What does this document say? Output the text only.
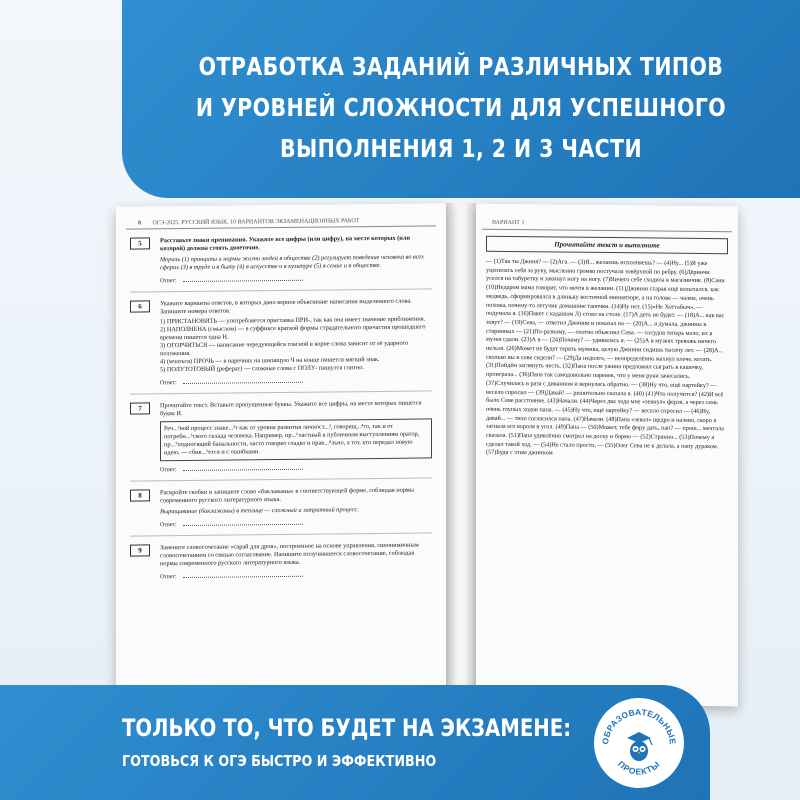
ОТРАБОТКА ЗАДАНИЙ РАЗЛИЧНЫХ ТИПОВ
И УРОВНЕЙ СЛОЖНОСТИ ДЛЯ УСПЕШНОГО
ВЫПОЛНЕНИЯ 1, 2 И 3 ЧАСТИ
8 ОГЭ-2025. РУССКИЙ ЯЗЫК. 10 ВАРИАНТОВ ЭКЗАМЕНАЦИОННЫХ РАБОТ
5	Расставьте знаки препинания. Укажите все цифры (или цифру), на месте которых (или которой) должна стоять двоеточие.
Мораль (1) принципы и нормы жизни людей в обществе (2) регулирует поведение человека во всех сферах (3) в труде и в быту (4) в искусстве и в культуре (5) в семье и в обществе.
Ответ:
6	Укажите варианты ответов, в которых дано верное объяснение написания выделенного слова. Запишите номера ответов.
1) ПРИСТАНОВИТЬ — употребляется приставка ПРИ-, так как она имеет значение приближения.
2) НАПОЛНЕНА (смыслом) — в суффиксе краткой формы страдательного причастия прошедшего времени пишется одна Н.
3) ОГОРЧИТЬСЯ — написание чередующейся гласной в корне слова зависит от её ударного положения.
4) (мчаться) ПРОЧЬ — в наречиях на шипящую Ч на конце пишется мягкий знак.
5) ПОЛУТОТОВЫЙ (реферат) — сложные слова с ПОЛУ- пишутся слитно.
Ответ:
7	Прочитайте текст. Вставьте пропущенные буквы. Укажите все цифры, на месте которых пишется буква И.
Реч...¹вой процесс знаке...²т как от уровня развития личност...³, говорящ...⁴го, так и от потребн...⁵ского склада человека. Например, пр...⁶ластный к публичным выступлениям оратор, пр...⁷подносящий банальности, часто говорит гладко и прав...⁸льно, а тот, кто передал новую идею, — сбив...⁹ется и с ошибками.
Ответ:
8	Раскройте скобки и запишите слово «баклажаны» в соответствующей форме, соблюдая нормы современного русского литературного языка.
Выращивание (баклажаны) в теплице — сложный и затратный процесс.
Ответ:
9	Замените словосочетание «сарай для дров», построенное на основе управления, синонимичным словосочетанием со связью согласование. Напишите получившееся словосочетание, соблюдая нормы современного русского литературного языка.
Ответ:
ВАРИАНТ 1
Прочитайте текст и выполните
— (1)Так ты Джиня? — (2)Ага. — (3)Я... желаешь исполняешь? — (4)Ну... (5)Я уже уцепилась себя за руку, мысленно громко постучала зовёрхной по ребру. (6)Дёринчи уселся на табуретку и закинул ногу на ногу. (7)Ничего себе сходила в магазинчик. (8)Сани (10)Недаром мама говорит, что мечта в желании. (11)Джинни старая ещё колыхался, как медведь, сформировался в длиньку восточной миниатюре, а на голове — чалма, очень похожа, почему-то летучие домашние тапочки. (14)Ну нет. (15)«Не Хоттабыч», — подумала я. (16)Пакет с кадашом Л) стоял на столе. (17)А деть не будет. — (18)А... как вас зовут? — (19)Сева, — ответил Джинни и показал на — (20)А... я думала, джинны в старинных — (21)По-разному, — охотно объяснил Сева. — сосудов теперь мало, их в музеи сдали. (23)А в — (24)Почему? — удивилась я. — (25)А в музеях тревожь ничего нельзя. (26)Может не будет терять мужика, целую Джинни сидишь тысячу лет. — (28)А... сколько вы в сове сидели? — (29)Да недолго, — неопределённо махнул плече, кетать. (31)Пойдём заглянуть честь. (32)Папа после ужина предложил сыграть в кашечку, проиграла... (36)Папа так самодовольно паренек, что у меня руки зачесались. (37)Случилась в раза с диванном и вернулась обратно. — (38)Ну что, ещё партейку? — весело спросил — (39)Давай! — решительно сказала я. (40) (41)Что получится? (42)И всё было Севе расстояние. (43)Начали. (44)Через два хода мне «зевнул» ферзя, а через семь очень глупых ходов папа. — (45)Ну что, ещё партейку? — весело спросил — (46)Ну, давай... — тихо согласился папа. (47)Начали. (48)Папа «зевал» щедро и налево, скоро я загнала его короля в угол. (49)Папа — (50)Может, тебе фору дать, пап? — прош... мечтала сказала. (51)Папа удивлённо смотрел на доску и бормо — (52)Странно... (53)Почему я сделал такой ход. — (54)Не стало просто, — (55)Олег Сева не к делала, а папу дураком. (57)Будя с этим джинном
ТОЛЬКО ТО, ЧТО БУДЕТ НА ЭКЗАМЕНЕ:
ГОТОВЬСЯ К ОГЭ БЫСТРО И ЭФФЕКТИВНО
ОБРАЗОВАТЕЛЬНЫЕ
ПРОЕКТЫ
